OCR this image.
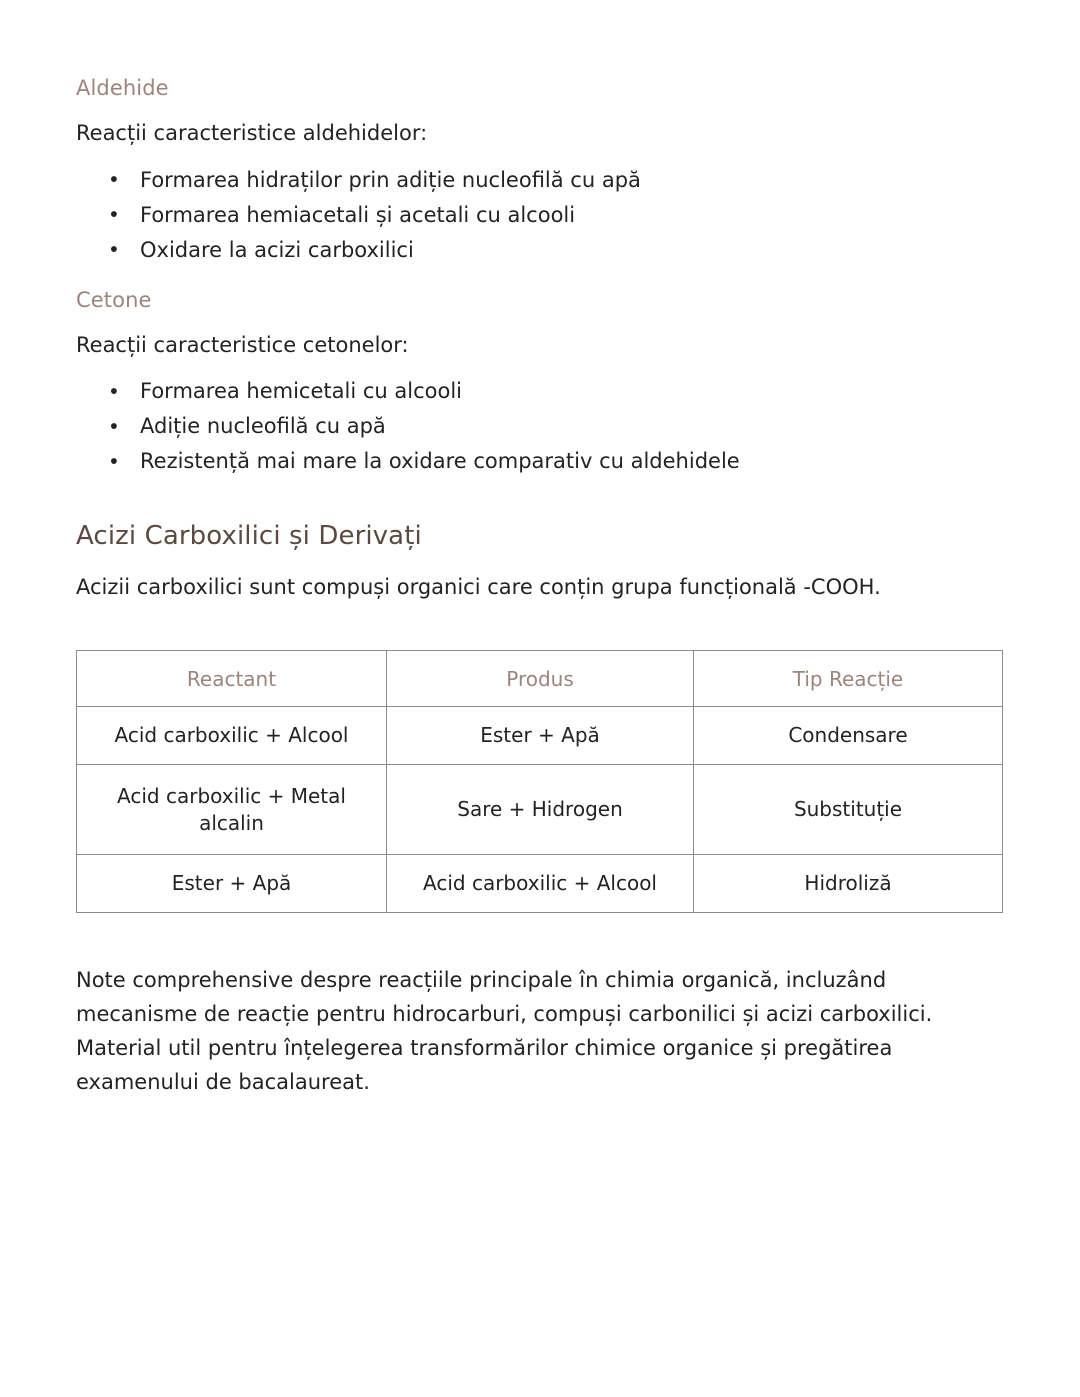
Aldehide

Reacții caracteristice aldehidelor:

• Formarea hidraților prin adiție nucleofilă cu apă
• Formarea hemiacetali și acetali cu alcooli
• Oxidare la acizi carboxilici
Cetone

Reacții caracteristice cetonelor:

• Formarea hemicetali cu alcooli
• Adiție nucleofilă cu apă
• Rezistență mai mare la oxidare comparativ cu aldehidele
Acizi Carboxilici și Derivați

Acizii carboxilici sunt compuși organici care conțin grupa funcțională -COOH.

Reactant	Produs	Tip Reacție
Acid carboxilic + Alcool	Ester + Apă	Condensare
Acid carboxilic + Metal alcalin	Sare + Hidrogen	Substituție
Ester + Apă	Acid carboxilic + Alcool	Hidroliză

Note comprehensive despre reacțiile principale în chimia organică, incluzând mecanisme de reacție pentru hidrocarburi, compuși carbonilici și acizi carboxilici. Material util pentru înțelegerea transformărilor chimice organice și pregătirea examenului de bacalaureat.
